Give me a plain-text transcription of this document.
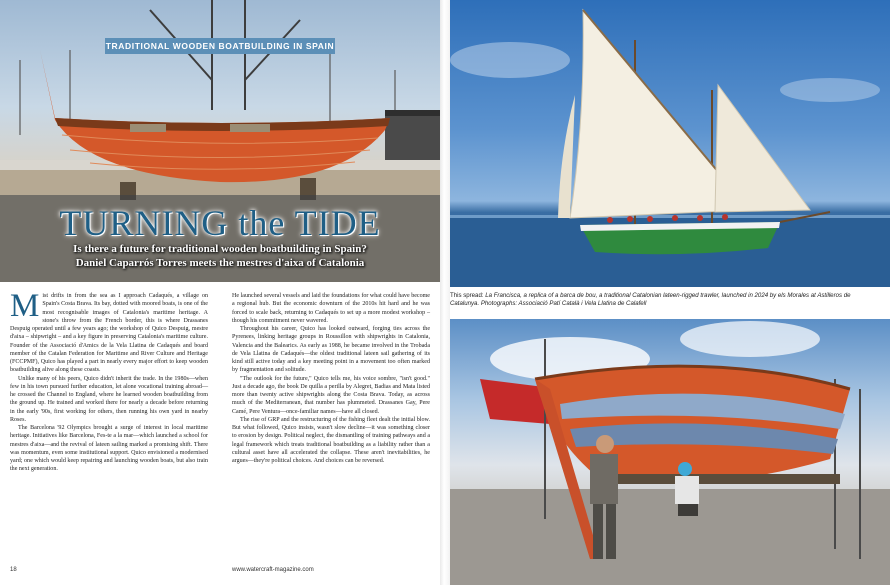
TRADITIONAL WOODEN BOATBUILDING IN SPAIN
TURNING the TIDE
Is there a future for traditional wooden boatbuilding in Spain?
Daniel Caparrós Torres meets the mestres d'aixa of Catalonia

Mist drifts in from the sea as I approach Cadaqués, a village on Spain's Costa Brava. Its bay, dotted with moored boats, is one of the most recognisable images of Catalonia's maritime heritage. A stone's throw from the French border, this is where Drassanes Despuig operated until a few years ago; the workshop of Quico Despuig, mestre d'aixa – shipwright – and a key figure in preserving Catalonia's maritime culture. Founder of the Associació d'Amics de la Vela Llatina de Cadaqués and board member of the Catalan Federation for Maritime and River Culture and Heritage (FCCPMF), Quico has played a part in nearly every major effort to keep wooden boatbuilding alive along these coasts.

Unlike many of his peers, Quico didn't inherit the trade. In the 1980s—when few in his town pursued further education, let alone vocational training abroad—he crossed the Channel to England, where he learned wooden boatbuilding from the ground up. He trained and worked there for nearly a decade before returning in the early '90s, first working for others, then running his own yard in nearby Roses.

The Barcelona '92 Olympics brought a surge of interest in local maritime heritage. Initiatives like Barcelona, Fes-te a la mar—which launched a school for mestres d'aixa—and the revival of lateen sailing marked a promising shift. There was momentum, even some institutional support. Quico envisioned a modernised yard; one which would keep repairing and launching wooden boats, but also train the next generation.

He launched several vessels and laid the foundations for what could have become a regional hub. But the economic downturn of the 2010s hit hard and he was forced to scale back, returning to Cadaqués to set up a more modest workshop – though his commitment never wavered.

Throughout his career, Quico has looked outward, forging ties across the Pyrenees, linking heritage groups in Roussillon with shipwrights in Catalonia, Valencia and the Balearics. As early as 1988, he became involved in the Trobada de Vela Llatina de Cadaqués—the oldest traditional lateen sail gathering of its kind still active today and a key meeting point in a movement too often marked by fragmentation and solitude.

"The outlook for the future," Quico tells me, his voice sombre, "isn't good." Just a decade ago, the book De quilla a perilla by Alegret, Badias and Mata listed more than twenty active shipwrights along the Costa Brava. Today, as across much of the Mediterranean, that number has plummeted. Drassanes Gay, Pere Camé, Pere Ventura—once-familiar names—have all closed.

The rise of GRP and the restructuring of the fishing fleet dealt the initial blow. But what followed, Quico insists, wasn't slow decline—it was something closer to erosion by design. Political neglect, the dismantling of training pathways and a legal framework which treats traditional boatbuilding as a liability rather than a cultural asset have all accelerated the collapse. These aren't inevitabilities, he argues—they're political choices. And choices can be reversed.

18	www.watercraft-magazine.com
This spread: La Francisca, a replica of a barca de bou, a traditional Catalonian lateen-rigged trawler, launched in 2024 by els Morales at Astilleros de Catalunya. Photographs: Associació Patí Català i Vela Llatina de Calafell
